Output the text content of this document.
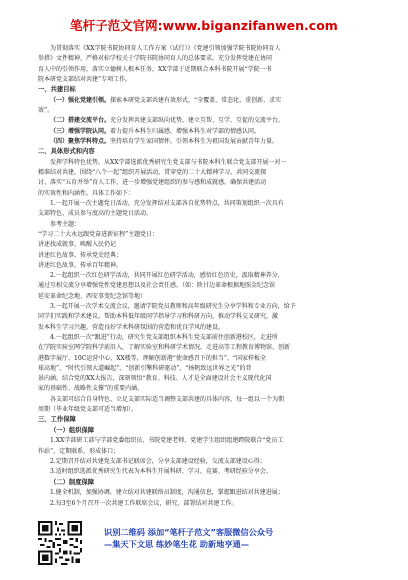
笔杆子范文官网:www.biganzifanwen.com

为贯彻落实《XX学院书院协同育人工作方案（试行）》《党建引领加强学院书院协同育人

举措》文件精神，严格对标学校关于学院书院协同育人的总体要求，充分发挥党建在协同

育人中的引领作用，落实立德树人根本任务，XX学部于近期联合本科书院开展“学院一书

院本研党支部结对共建”专项工作。

一、共建目标

（一）强化党建引领。探索本研党支部共建有效形式，“全覆盖、常态化、重创新、求实

效”。

（二）搭建交流平台。充分发挥共建支部纵向优势，建立互帮、互学、互促的交流平台。

（三）增强学院认同。着力提升本科生归属感，增强本科生对学部的情感认同。

（四）聚焦学科特点。坚持培育学生家国情怀，引领本科生为祖国发展贡献青年力量。

二、具体形式和内容

发挥学科特色优势，从XX学部选派优秀研究生党支部与书院本科生联合党支部开展一对一

精准结对共建，围绕“八个一起”组织开展活动，贯穿党的二十大精神学习、共同交流探

讨、落实“五育并举”育人工作，进一步增强党建组织的参与感和成就感。确保共建活动

的实效性和内涵性。具体工作如下：

1.一起开展一次主题党日活动。充分发挥结对支部各自优势特点，共同策划组织一次具有

支部特色、成员参与度高的主题党日活动。

参考主题：

“学习二十大永远跟党奋进新征程”主题党日：

讲述找成就事，唤醒入民仍记

讲述红色故事，传承党史经典；

讲述红色故事，传承百年精神。

2.一起组织一次红色研学活动，共同开展红色研学活动，感悟红色历史，汲取精神养分，

通过互相交流分享增强党性党建思想以及社会责任感。（如：陕甘边革命根据地照金纪念馆

延安革命纪念地、西安事变纪念馆等地）

3.一起开展一次学术交流会议，邀请学院党员教师和高年级研究生分享学科和专业方向，给予

同学们实践和学术建议，帮助本科低年级同学指导学习和科研方向，推动学科交叉研究，激

发本科生学习兴趣，营造良好学术科研氛围的营造和优良学风的建设。

4.一起组织一次“跟进”行动，研究生党支部组织本科生党支部前往创新港校区，走进所

在学院实验室网学院科学前沿入，了解实验室和科研学术情况，走进高等工程教育博物馆、创新

港数字展厅、10C运营中心、XX楼等，理解创新港“使命感召下的担当”、“国家样板全

球高地”、“时代引领大道崛起”、“创新引擎科研驱动”、“扬帆致远世界之光”的背

景内涵。结合党的XX大报告，深刻领悟“教育、科技、人才是全面建设社会主义现代化国

家的基础性、战略性支撑”的重要内涵。

各支部可结合自身特色、立足支部实际适当调整支部共建的具体内容，每一组以一个为期

周期（毕业年级党支部可适当增加）。

三、工作保障
（一）组织保障

1.XX学部研工部与学部党委组织员、书院党建老师、党建学生组织组建跨院联合“党员工

作站”，定期联系，形成体口；

2.定期召开结对共建党支部书记联席会，分享支部建设经验，交流支部建设心得；

3.适时组织选派优秀研究生代表为本科生开展科研、学习、竞赛、考研经验分享会。

（二）制度保障

1.健全机制，加强协调。建立结对共建联络员制度，沟通信息，掌握跟进结对共建进展；

2.每3至6个月召开一次共建工作联席会议，研究、部署结对共建工作。

识别二维码 添加“笔杆子范文”客服微信公众号
—集天下文思 练妙笔生花 助新地亨通—
